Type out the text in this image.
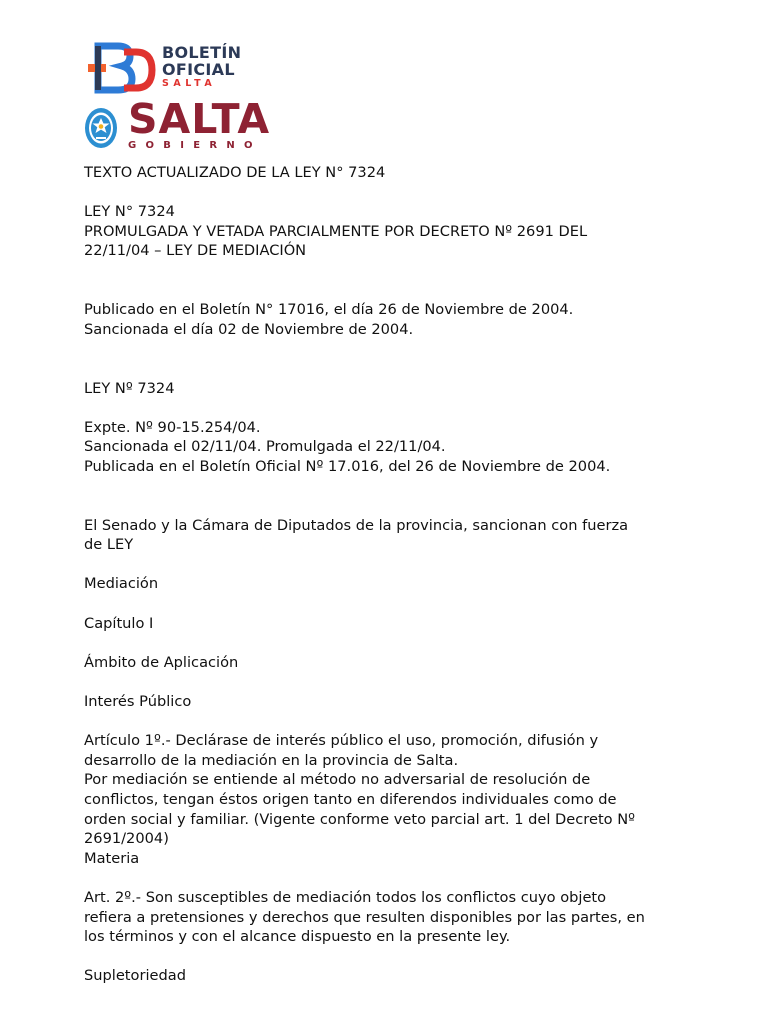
BOLETÍN
OFICIAL
SALTA
SALTA
GOBIERNO

TEXTO ACTUALIZADO DE LA LEY N° 7324

LEY N° 7324

PROMULGADA Y VETADA PARCIALMENTE POR DECRETO Nº 2691 DEL

22/11/04 – LEY DE MEDIACIÓN

Publicado en el Boletín N° 17016, el día 26 de Noviembre de 2004.

Sancionada el día 02 de Noviembre de 2004.

LEY Nº 7324

Expte. Nº 90-15.254/04.

Sancionada el 02/11/04. Promulgada el 22/11/04.

Publicada en el Boletín Oficial Nº 17.016, del 26 de Noviembre de 2004.

El Senado y la Cámara de Diputados de la provincia, sancionan con fuerza

de LEY

Mediación

Capítulo I

Ámbito de Aplicación

Interés Público

Artículo 1º.- Declárase de interés público el uso, promoción, difusión y

desarrollo de la mediación en la provincia de Salta.

Por mediación se entiende al método no adversarial de resolución de

conflictos, tengan éstos origen tanto en diferendos individuales como de

orden social y familiar. (Vigente conforme veto parcial art. 1 del Decreto Nº

2691/2004)

Materia

Art. 2º.- Son susceptibles de mediación todos los conflictos cuyo objeto

refiera a pretensiones y derechos que resulten disponibles por las partes, en

los términos y con el alcance dispuesto en la presente ley.

Supletoriedad
